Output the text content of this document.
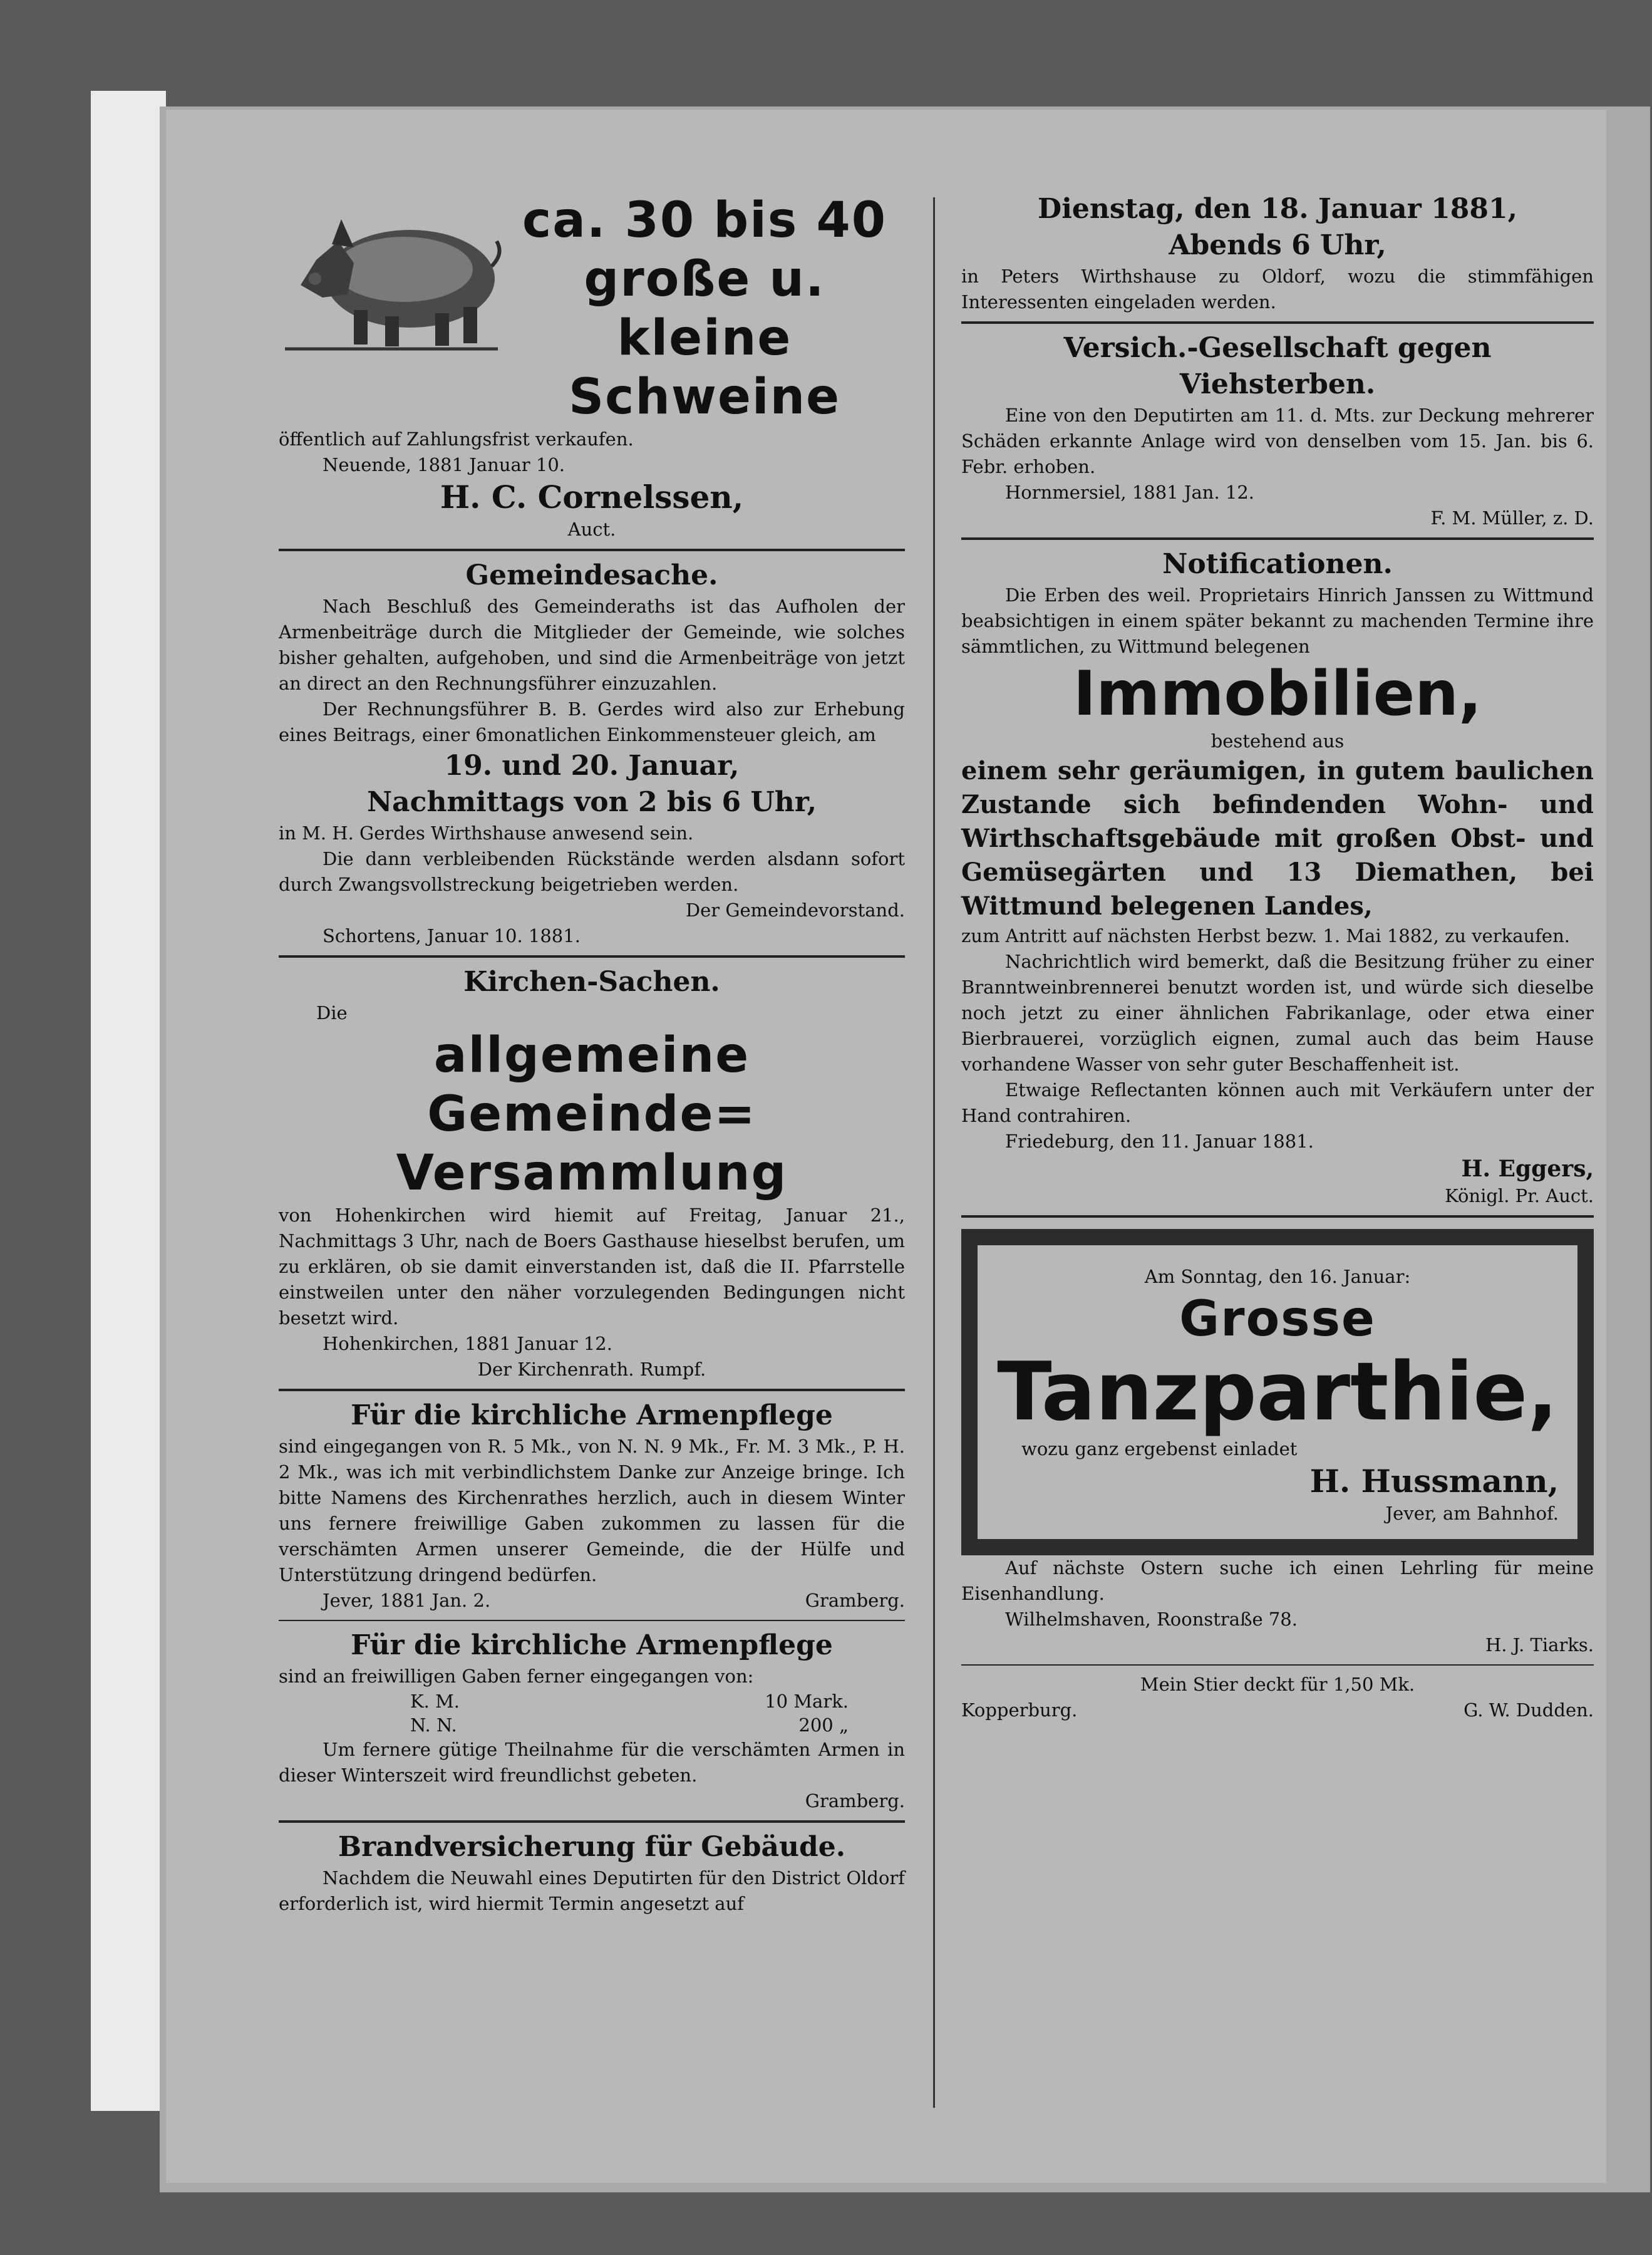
ca. 30 bis 40

große u. kleine

Schweine

öffentlich auf Zahlungsfrist verkaufen.

Neuende, 1881 Januar 10.

H. C. Cornelssen,

Auct.

Gemeindesache.

Nach Beschluß des Gemeinderaths ist das Aufholen der Armenbeiträge durch die Mitglieder der Gemeinde, wie solches bisher gehalten, aufgehoben, und sind die Armenbeiträge von jetzt an direct an den Rechnungsführer einzuzahlen.

Der Rechnungsführer B. B. Gerdes wird also zur Erhebung eines Beitrags, einer 6monatlichen Einkommensteuer gleich, am

19. und 20. Januar,

Nachmittags von 2 bis 6 Uhr,

in M. H. Gerdes Wirthshause anwesend sein.

Die dann verbleibenden Rückstände werden alsdann sofort durch Zwangsvollstreckung beigetrieben werden.

Der Gemeindevorstand.

Schortens, Januar 10. 1881.

Kirchen-Sachen.

Die

allgemeine Gemeinde=

Versammlung

von Hohenkirchen wird hiemit auf Freitag, Januar 21., Nachmittags 3 Uhr, nach de Boers Gasthause hieselbst berufen, um zu erklären, ob sie damit einverstanden ist, daß die II. Pfarrstelle einstweilen unter den näher vorzulegenden Bedingungen nicht besetzt wird.

Hohenkirchen, 1881 Januar 12.

Der Kirchenrath. Rumpf.

Für die kirchliche Armenpflege

sind eingegangen von R. 5 Mk., von N. N. 9 Mk., Fr. M. 3 Mk., P. H. 2 Mk., was ich mit verbindlichstem Danke zur Anzeige bringe. Ich bitte Namens des Kirchenrathes herzlich, auch in diesem Winter uns fernere freiwillige Gaben zukommen zu lassen für die verschämten Armen unserer Gemeinde, die der Hülfe und Unterstützung dringend bedürfen.

Jever, 1881 Jan. 2.	Gramberg.

Für die kirchliche Armenpflege

sind an freiwilligen Gaben ferner eingegangen von:

K. M.	10 Mark.
N. N.	200 „

Um fernere gütige Theilnahme für die verschämten Armen in dieser Winterszeit wird freundlichst gebeten.

Gramberg.

Brandversicherung für Gebäude.

Nachdem die Neuwahl eines Deputirten für den District Oldorf erforderlich ist, wird hiermit Termin angesetzt auf

Dienstag, den 18. Januar 1881,

Abends 6 Uhr,

in Peters Wirthshause zu Oldorf, wozu die stimmfähigen Interessenten eingeladen werden.

Versich.-Gesellschaft gegen Viehsterben.

Eine von den Deputirten am 11. d. Mts. zur Deckung mehrerer Schäden erkannte Anlage wird von denselben vom 15. Jan. bis 6. Febr. erhoben.

Hornmersiel, 1881 Jan. 12.

F. M. Müller, z. D.

Notificationen.

Die Erben des weil. Proprietairs Hinrich Janssen zu Wittmund beabsichtigen in einem später bekannt zu machenden Termine ihre sämmtlichen, zu Wittmund belegenen

Immobilien,

bestehend aus

einem sehr geräumigen, in gutem baulichen Zustande sich befindenden Wohn- und Wirthschaftsgebäude mit großen Obst- und Gemüsegärten und 13 Diemathen, bei Wittmund belegenen Landes,

zum Antritt auf nächsten Herbst bezw. 1. Mai 1882, zu verkaufen.

Nachrichtlich wird bemerkt, daß die Besitzung früher zu einer Branntweinbrennerei benutzt worden ist, und würde sich dieselbe noch jetzt zu einer ähnlichen Fabrikanlage, oder etwa einer Bierbrauerei, vorzüglich eignen, zumal auch das beim Hause vorhandene Wasser von sehr guter Beschaffenheit ist.

Etwaige Reflectanten können auch mit Verkäufern unter der Hand contrahiren.

Friedeburg, den 11. Januar 1881.

H. Eggers,

Königl. Pr. Auct.

Am Sonntag, den 16. Januar:

Grosse

Tanzparthie,

wozu ganz ergebenst einladet

H. Hussmann,

Jever, am Bahnhof.

Auf nächste Ostern suche ich einen Lehrling für meine Eisenhandlung.

Wilhelmshaven, Roonstraße 78.

H. J. Tiarks.

Mein Stier deckt für 1,50 Mk.

Kopperburg.	G. W. Dudden.
